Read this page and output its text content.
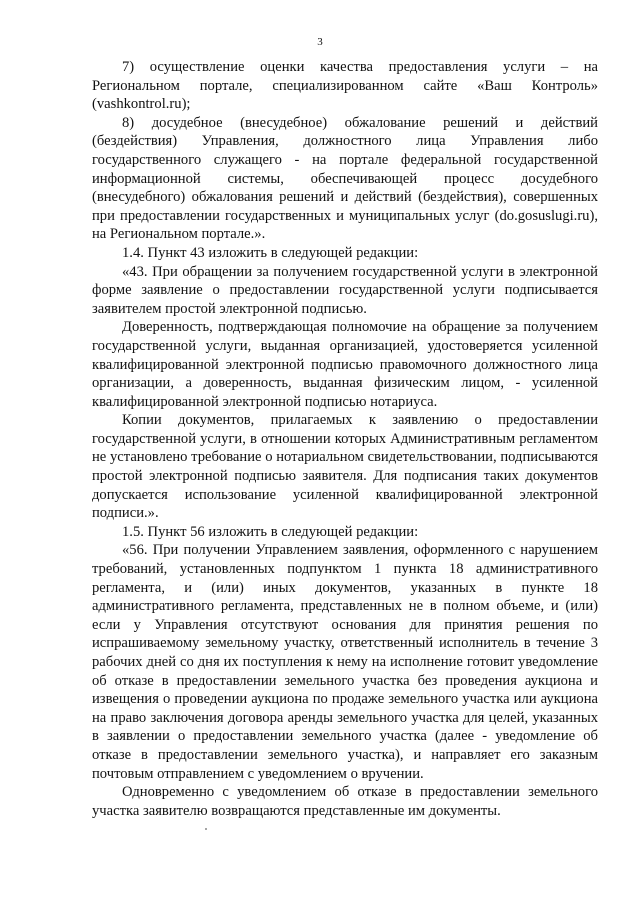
3

7) осуществление оценки качества предоставления услуги – на Региональном портале, специализированном сайте «Ваш Контроль» (vashkontrol.ru);

8) досудебное (внесудебное) обжалование решений и действий (бездействия) Управления, должностного лица Управления либо государственного служащего - на портале федеральной государственной информационной системы, обеспечивающей процесс досудебного (внесудебного) обжалования решений и действий (бездействия), совершенных при предоставлении государственных и муниципальных услуг (do.gosuslugi.ru), на Региональном портале.».

1.4. Пункт 43 изложить в следующей редакции:

«43. При обращении за получением государственной услуги в электронной форме заявление о предоставлении государственной услуги подписывается заявителем простой электронной подписью.

Доверенность, подтверждающая полномочие на обращение за получением государственной услуги, выданная организацией, удостоверяется усиленной квалифицированной электронной подписью правомочного должностного лица организации, а доверенность, выданная физическим лицом, - усиленной квалифицированной электронной подписью нотариуса.

Копии документов, прилагаемых к заявлению о предоставлении государственной услуги, в отношении которых Административным регламентом не установлено требование о нотариальном свидетельствовании, подписываются простой электронной подписью заявителя. Для подписания таких документов допускается использование усиленной квалифицированной электронной подписи.».

1.5. Пункт 56 изложить в следующей редакции:

«56. При получении Управлением заявления, оформленного с нарушением требований, установленных подпунктом 1 пункта 18 административного регламента, и (или) иных документов, указанных в пункте 18 административного регламента, представленных не в полном объеме, и (или) если у Управления отсутствуют основания для принятия решения по испрашиваемому земельному участку, ответственный исполнитель в течение 3 рабочих дней со дня их поступления к нему на исполнение готовит уведомление об отказе в предоставлении земельного участка без проведения аукциона и извещения о проведении аукциона по продаже земельного участка или аукциона на право заключения договора аренды земельного участка для целей, указанных в заявлении о предоставлении земельного участка (далее - уведомление об отказе в предоставлении земельного участка), и направляет его заказным почтовым отправлением с уведомлением о вручении.

Одновременно с уведомлением об отказе в предоставлении земельного участка заявителю возвращаются представленные им документы.
